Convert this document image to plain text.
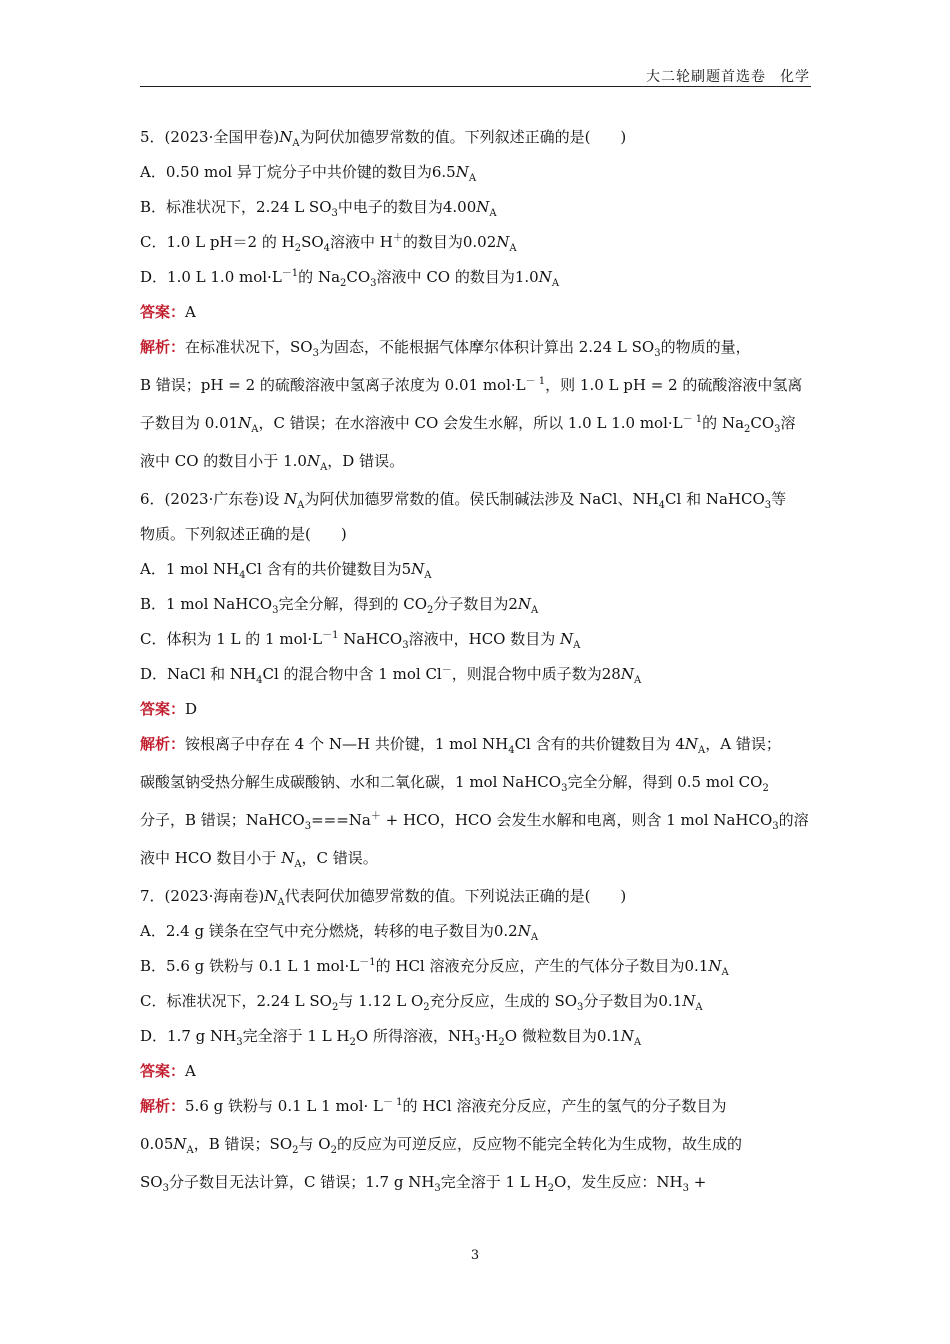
大二轮刷题首选卷 化学
5．(2023·全国甲卷)$N_A$为阿伏加德罗常数的值。下列叙述正确的是(　　)
A．0.50 mol 异丁烷分子中共价键的数目为$6.5N_A$
B．标准状况下，2.24 L $SO_3$中电子的数目为$4.00N_A$
C．1.0 L pH＝2 的 $H_2SO_4$溶液中 H＋的数目为$0.02N_A$
D．1.0 L 1.0 $mol\cdot L^{-1}$的 $Na_2CO_3$溶液中 CO 的数目为$1.0N_A$
答案：A
解析：在标准状况下，$SO_3$为固态，不能根据气体摩尔体积计算出 2.24 L $SO_3$的物质的量，
B 错误；pH = 2 的硫酸溶液中氢离子浓度为 0.01 $mol\cdot L^{- 1}$，则 1.0 L pH = 2 的硫酸溶液中氢离
子数目为 $0.01N_A$，C 错误；在水溶液中 CO 会发生水解，所以 1.0 L 1.0 $mol\cdot L^{- 1}$的 $Na_2CO_3$溶
液中 CO 的数目小于 $1.0N_A$，D 错误。
6．(2023·广东卷)设 $N_A$为阿伏加德罗常数的值。侯氏制碱法涉及 NaCl、$NH_4Cl$ 和 NaHCO$_3$等
物质。下列叙述正确的是(　　)
A．1 mol $NH_4Cl$ 含有的共价键数目为$5N_A$
B．1 mol NaHCO$_3$完全分解，得到的 $CO_2$分子数目为$2N_A$
C．体积为 1 L 的 1 $mol\cdot L^{-1}$ NaHCO$_3$溶液中，HCO 数目为 $N_A$
D．NaCl 和 $NH_4Cl$ 的混合物中含 1 mol Cl－，则混合物中质子数为$28N_A$
答案：D
解析：铵根离子中存在 4 个 N—H 共价键，1 mol $NH_4Cl$ 含有的共价键数目为 $4N_A$，A 错误；
碳酸氢钠受热分解生成碳酸钠、水和二氧化碳，1 mol NaHCO$_3$完全分解，得到 0.5 mol $CO_2$
分子，B 错误；NaHCO$_3$===Na＋ + HCO，HCO 会发生水解和电离，则含 1 mol NaHCO$_3$的溶
液中 HCO 数目小于 $N_A$，C 错误。
7．(2023·海南卷)$N_A$代表阿伏加德罗常数的值。下列说法正确的是(　　)
A．2.4 g 镁条在空气中充分燃烧，转移的电子数目为$0.2N_A$
B．5.6 g 铁粉与 0.1 L 1 $mol\cdot L^{-1}$的 HCl 溶液充分反应，产生的气体分子数目为$0.1N_A$
C．标准状况下，2.24 L $SO_2$与 1.12 L $O_2$充分反应，生成的 $SO_3$分子数目为$0.1N_A$
D．1.7 g $NH_3$完全溶于 1 L $H_2O$ 所得溶液，$NH_3\cdot H_2O$ 微粒数目为$0.1N_A$
答案：A
解析：5.6 g 铁粉与 0.1 L 1 $mol\cdot L^{- 1}$的 HCl 溶液充分反应，产生的氢气的分子数目为
$0.05N_A$，B 错误；$SO_2$与 $O_2$的反应为可逆反应，反应物不能完全转化为生成物，故生成的
$SO_3$分子数目无法计算，C 错误；1.7 g $NH_3$完全溶于 1 L $H_2O$，发生反应：$NH_3$ +
3
